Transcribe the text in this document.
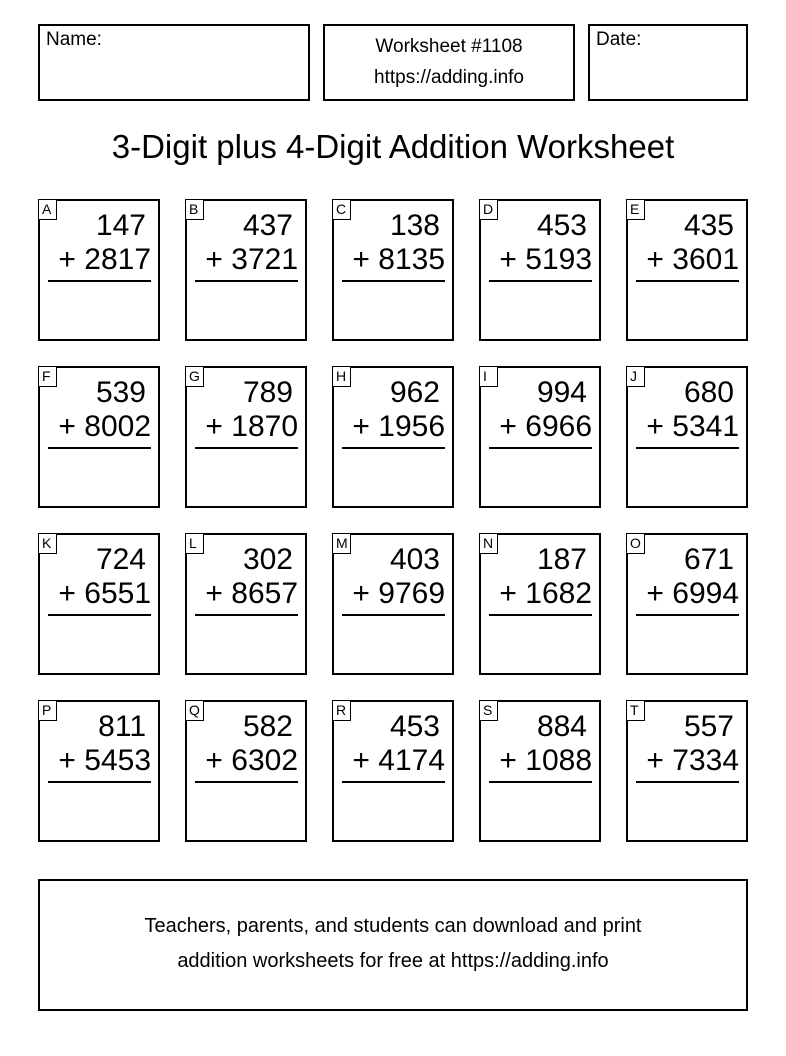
Name:	Worksheet #1108
https://adding.info
Date:
3-Digit plus 4-Digit Addition Worksheet
A 147
+ 2817
B 437
+ 3721
C 138
+ 8135
D 453
+ 5193
E 435
+ 3601
F 539
+ 8002
G 789
+ 1870
H 962
+ 1956
I	994
+ 6966
J 680
+ 5341
K 724
+ 6551
L 302
+ 8657
M 403
+ 9769
N 187
+ 1682
O 671
+ 6994
P 811
+ 5453
Q 582
+ 6302
R 453
+ 4174
S 884
+ 1088
T 557
+ 7334
Teachers, parents, and students can download and print
addition worksheets for free at https://adding.info
